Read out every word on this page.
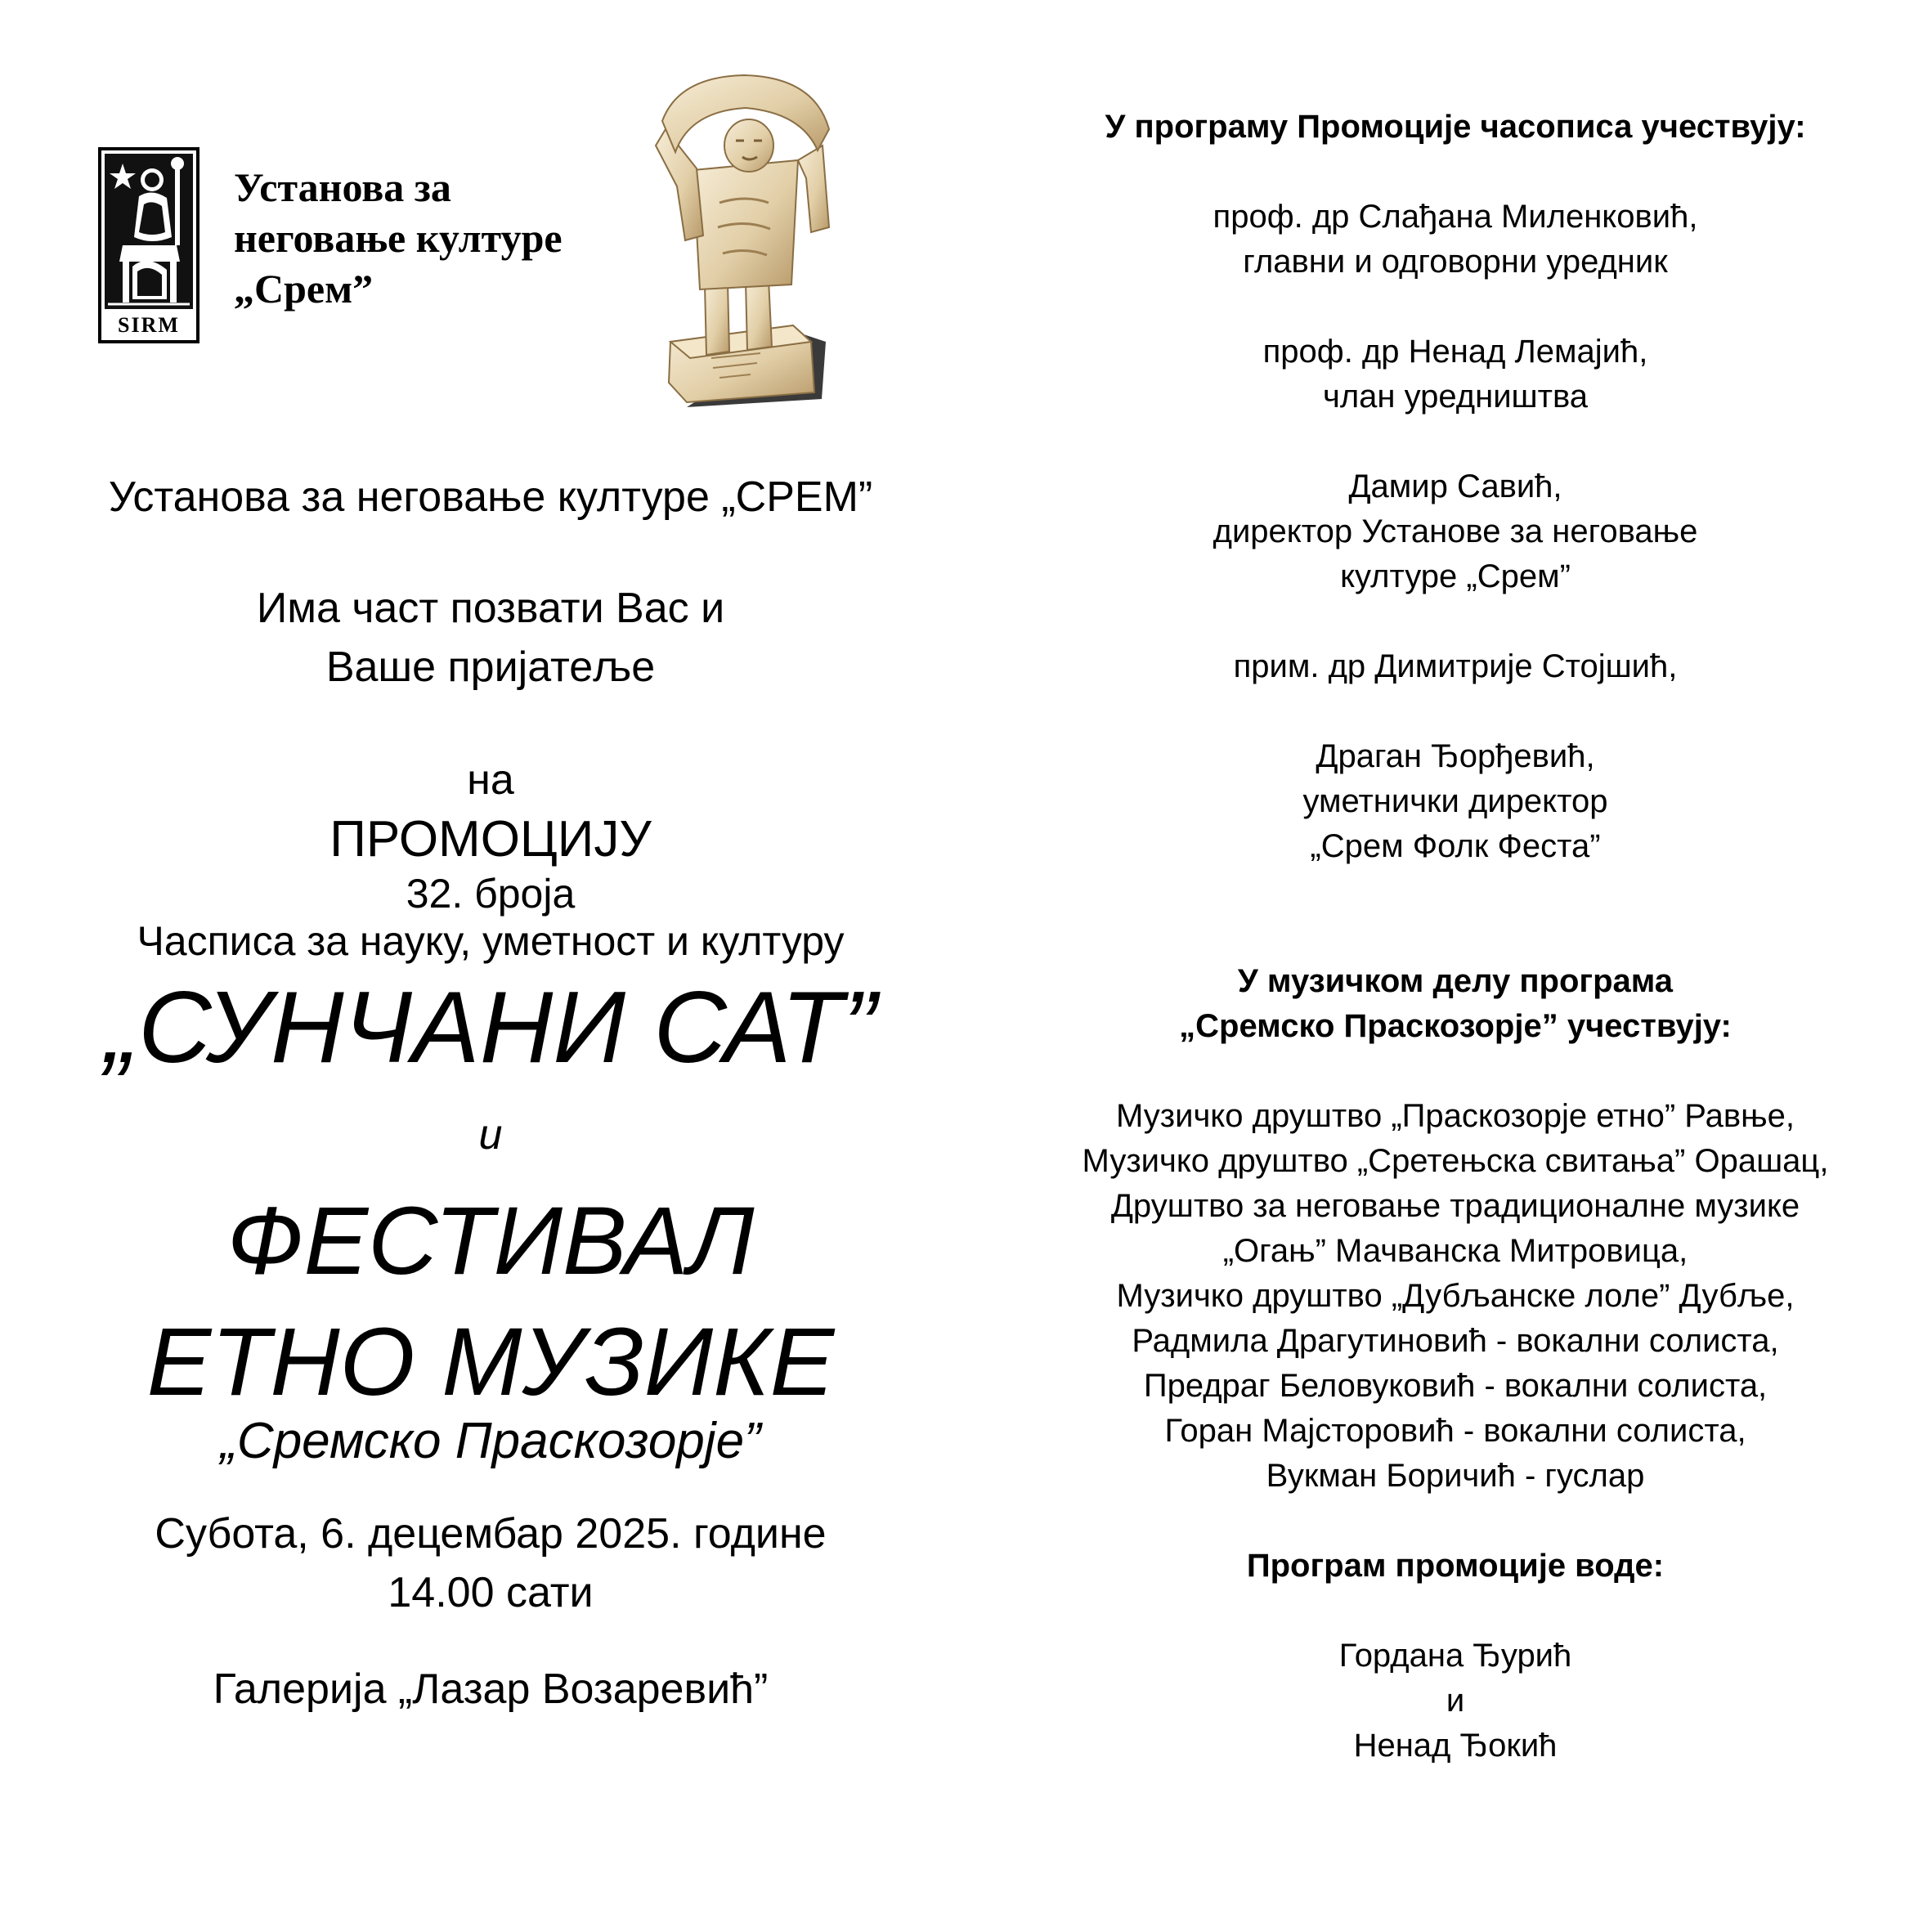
SIRM
Установа за
неговање културе
„Срем”
Установа за неговање културе „СРЕМ”
Има част позвати Вас и
Ваше пријатеље
на
ПРОМОЦИЈУ
32. броја
Часписа за науку, уметност и културу
„СУНЧАНИ САТ”
и
ФЕСТИВАЛ
ЕТНО МУЗИКЕ
„Сремско Праскозорје”
Субота, 6. децембар 2025. године
14.00 сати
Галерија „Лазар Возаревић”
У програму Промоције часописа учествују:
проф. др Слађана Миленковић,
главни и одговорни уредник
проф. др Ненад Лемајић,
члан уредништва
Дамир Савић,
директор Установе за неговање
културе „Срем”
прим. др Димитрије Стојшић,
Драган Ђорђевић,
уметнички директор
„Срем Фолк Феста”
У музичком делу програма
„Сремско Праскозорје” учествују:
Музичко друштво „Праскозорје етно” Равње,
Музичко друштво „Сретењска свитања” Орашац,
Друштво за неговање традиционалне музике
„Огањ” Мачванска Митровица,
Музичко друштво „Дубљанске лоле” Дубље,
Радмила Драгутиновић - вокални солиста,
Предраг Беловуковић - вокални солиста,
Горан Мајсторовић - вокални солиста,
Вукман Боричић - гуслар
Програм промоције воде:
Гордана Ђурић
и
Ненад Ђокић
